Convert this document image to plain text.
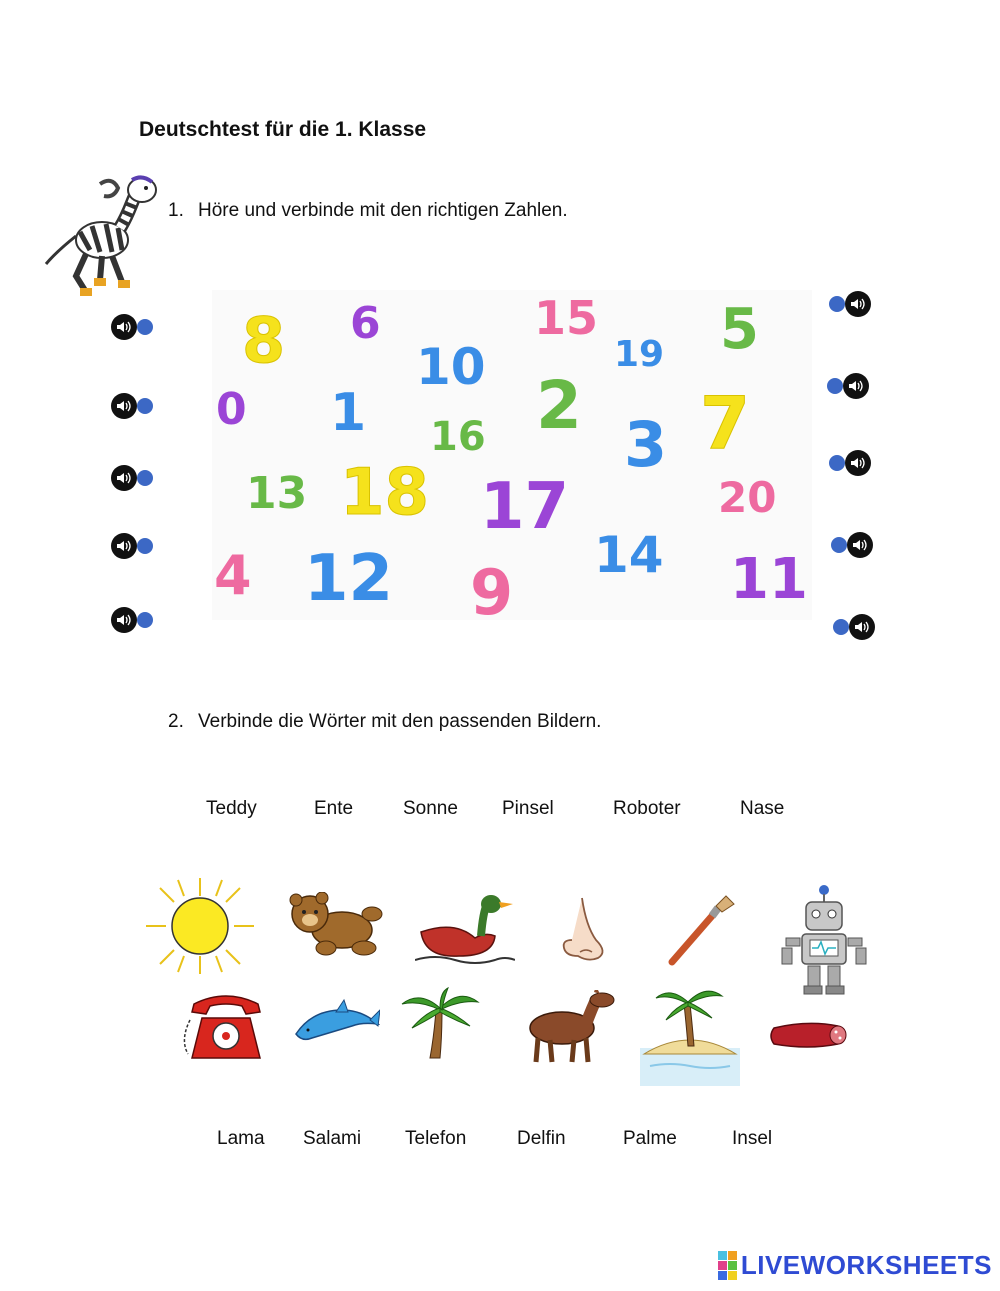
Deutschtest für die 1. Klasse
1. Höre und verbinde mit den richtigen Zahlen.
8 6	15
19 5
10
0 1	2
16 3 7
13 18 17	20
14
4 12 9	11
2. Verbinde die Wörter mit den passenden Bildern.
Teddy	Ente	Sonne Pinsel	Roboter	Nase
Lama Salami Telefon	Delfin	Palme	Insel
LIVEWORKSHEETS
